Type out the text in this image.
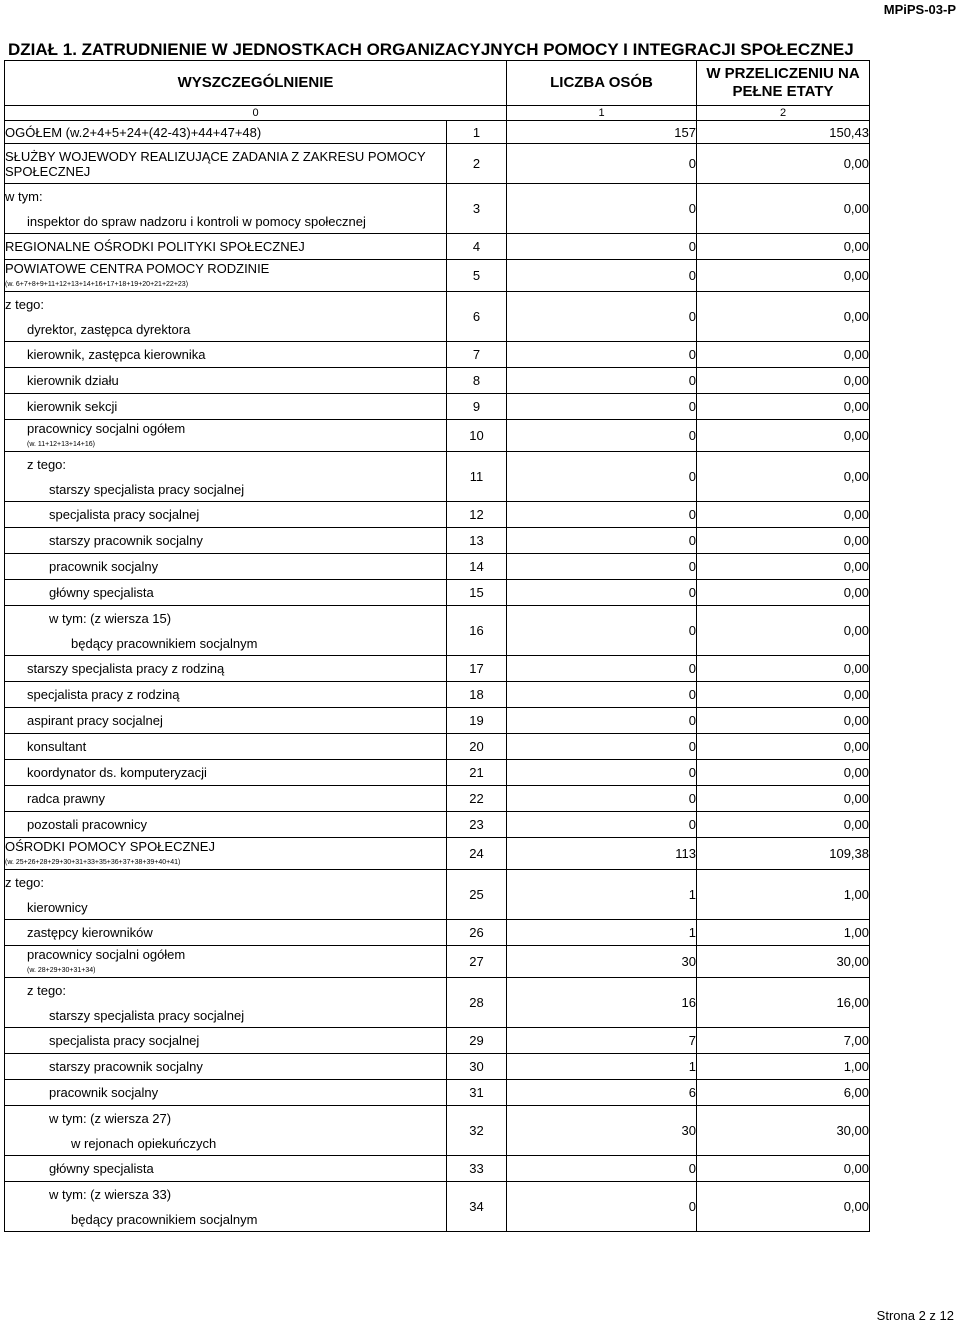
MPiPS-03-P
DZIAŁ 1. ZATRUDNIENIE W JEDNOSTKACH ORGANIZACYJNYCH POMOCY I INTEGRACJI SPOŁECZNEJ
WYSZCZEGÓLNIENIE		LICZBA OSÓB	W PRZELICZENIU NA PEŁNE ETATY
0		1	2

OGÓŁEM (w.2+4+5+24+(42-43)+44+47+48)	1	157	150,43

SŁUŻBY WOJEWODY REALIZUJĄCE ZADANIA Z ZAKRESU POMOCY SPOŁECZNEJ	2	0	0,00

w tym:
inspektor do spraw nadzoru i kontroli w pomocy społecznej	3	0	0,00

REGIONALNE OŚRODKI POLITYKI SPOŁECZNEJ	4	0	0,00

POWIATOWE CENTRA POMOCY RODZINIE
(w. 6+7+8+9+11+12+13+14+16+17+18+19+20+21+22+23)	5	0	0,00

z tego:
dyrektor, zastępca dyrektora	6	0	0,00

kierownik, zastępca kierownika	7	0	0,00

kierownik działu	8	0	0,00

kierownik sekcji	9	0	0,00

pracownicy socjalni ogółem
(w. 11+12+13+14+16)	10	0	0,00

z tego:
starszy specjalista pracy socjalnej	11	0	0,00

specjalista pracy socjalnej	12	0	0,00

starszy pracownik socjalny	13	0	0,00

pracownik socjalny	14	0	0,00

główny specjalista	15	0	0,00

w tym: (z wiersza 15)
będący pracownikiem socjalnym	16	0	0,00

starszy specjalista pracy z rodziną	17	0	0,00

specjalista pracy z rodziną	18	0	0,00

aspirant pracy socjalnej	19	0	0,00

konsultant	20	0	0,00

koordynator ds. komputeryzacji	21	0	0,00

radca prawny	22	0	0,00

pozostali pracownicy	23	0	0,00

OŚRODKI POMOCY SPOŁECZNEJ
(w. 25+26+28+29+30+31+33+35+36+37+38+39+40+41)	24	113	109,38

z tego:
kierownicy	25	1	1,00

zastępcy kierowników	26	1	1,00

pracownicy socjalni ogółem
(w. 28+29+30+31+34)	27	30	30,00

z tego:
starszy specjalista pracy socjalnej	28	16	16,00

specjalista pracy socjalnej	29	7	7,00

starszy pracownik socjalny	30	1	1,00

pracownik socjalny	31	6	6,00

w tym: (z wiersza 27)
w rejonach opiekuńczych	32	30	30,00

główny specjalista	33	0	0,00

w tym: (z wiersza 33)
będący pracownikiem socjalnym	34	0	0,00
Strona 2 z 12
